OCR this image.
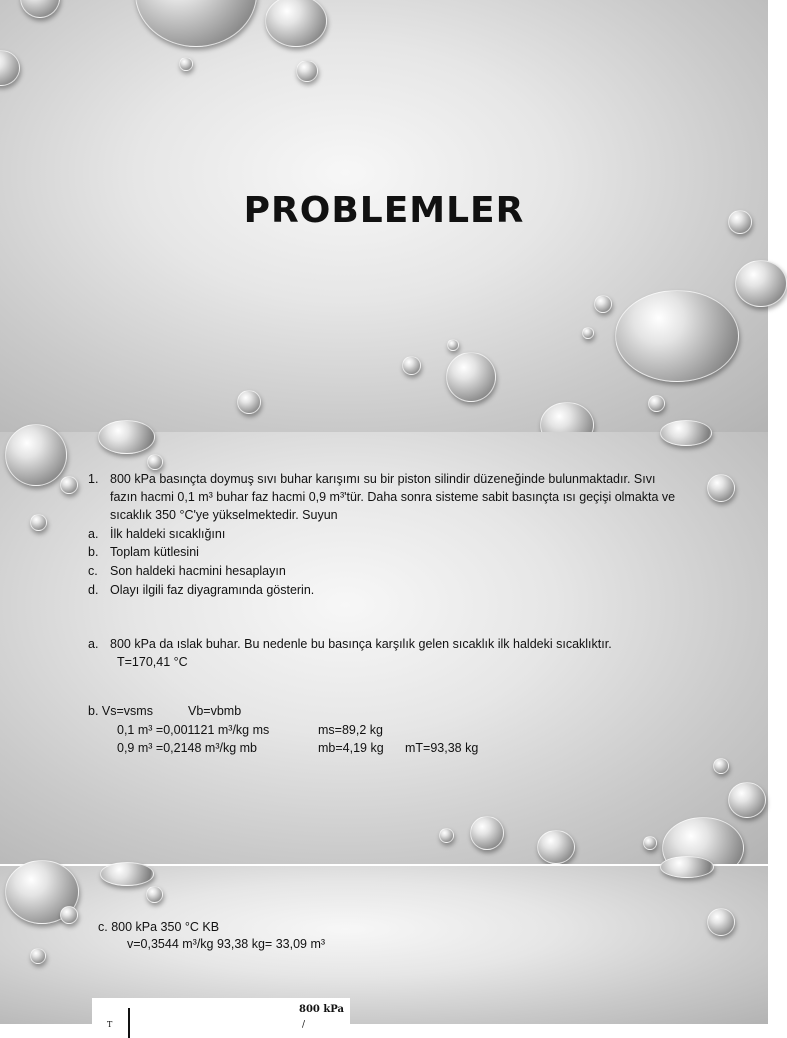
PROBLEMLER
1. 800 kPa basınçta doymuş sıvı buhar karışımı su bir piston silindir düzeneğinde bulunmaktadır. Sıvı
fazın hacmi 0,1 m³ buhar faz hacmi 0,9 m³'tür. Daha sonra sisteme sabit basınçta ısı geçişi olmakta ve
sıcaklık 350 °C'ye yükselmektedir. Suyun
a. İlk haldeki sıcaklığını
b. Toplam kütlesini
c. Son haldeki hacmini hesaplayın
d. Olayı ilgili faz diyagramında gösterin.
a. 800 kPa da ıslak buhar. Bu nedenle bu basınça karşılık gelen sıcaklık ilk haldeki sıcaklıktır.
T=170,41 °C
b. Vs=vsms	Vb=vbmb
0,1 m³ =0,001121 m³/kg ms	ms=89,2 kg
0,9 m³ =0,2148 m³/kg mb	mb=4,19 kg mT=93,38 kg
c. 800 kPa 350 °C KB
v=0,3544 m³/kg 93,38 kg= 33,09 m³
T
800 kPa
/
